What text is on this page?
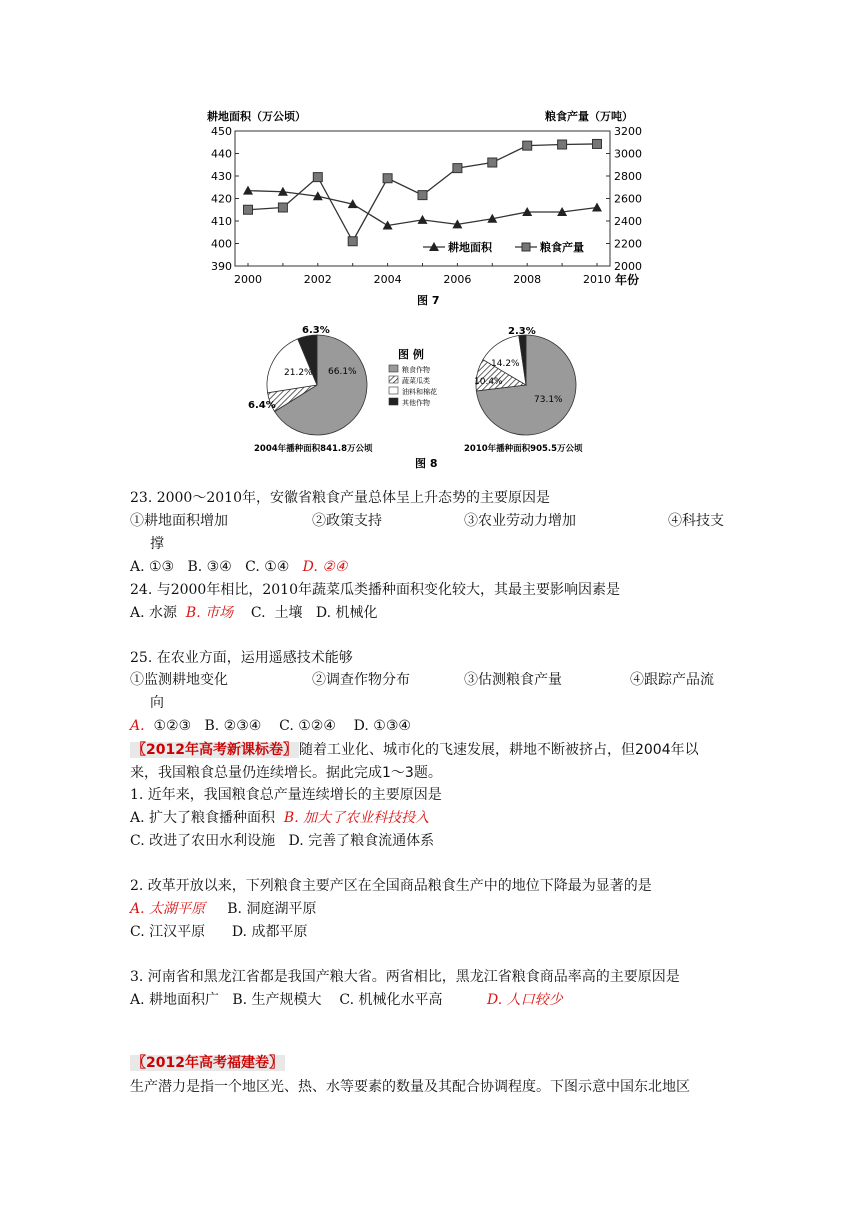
耕地面积（万公顷）	粮食产量（万吨）
450
440
430
420
410
400
390
3200
3000
2800
2600
2400
2200
2000
2000	2002	2004	2006	2008	2010
耕地面积	粮食产量
年份
图 7
66.1%
6.4%
21.2%
6.3%
2004年播种面积841.8万公顷
73.1%
10.4%
14.2%
2.3%
2010年播种面积905.5万公顷
图 例
粮食作物
蔬菜瓜类
油料和棉花
其他作物
图 8
23. 2000～2010年，安徽省粮食产量总体呈上升态势的主要原因是
①耕地面积增加	②政策支持	③农业劳动力增加	④科技支
撑
A. ①③   B. ③④   C. ①④   D. ②④
24. 与2000年相比，2010年蔬菜瓜类播种面积变化较大，其最主要影响因素是
A. 水源  B. 市场    C.  土壤   D. 机械化
25. 在农业方面，运用遥感技术能够
①监测耕地变化	②调查作物分布	③估测粮食产量	④跟踪产品流
向
A.  ①②③   B. ②③④    C. ①②④    D. ①③④
〖2012年高考新课标卷〗 随着工业化、城市化的飞速发展，耕地不断被挤占，但2004年以
来，我国粮食总量仍连续增长。据此完成1～3题。
1. 近年来，我国粮食总产量连续增长的主要原因是
A. 扩大了粮食播种面积  B. 加大了农业科技投入
C. 改进了农田水利设施   D. 完善了粮食流通体系
2. 改革开放以来，下列粮食主要产区在全国商品粮食生产中的地位下降最为显著的是
A. 太湖平原     B. 洞庭湖平原
C. 江汉平原      D. 成都平原
3. 河南省和黑龙江省都是我国产粮大省。两省相比，黑龙江省粮食商品率高的主要原因是
A. 耕地面积广   B. 生产规模大    C. 机械化水平高          D. 人口较少
〖2012年高考福建卷〗
生产潜力是指一个地区光、热、水等要素的数量及其配合协调程度。下图示意中国东北地区
